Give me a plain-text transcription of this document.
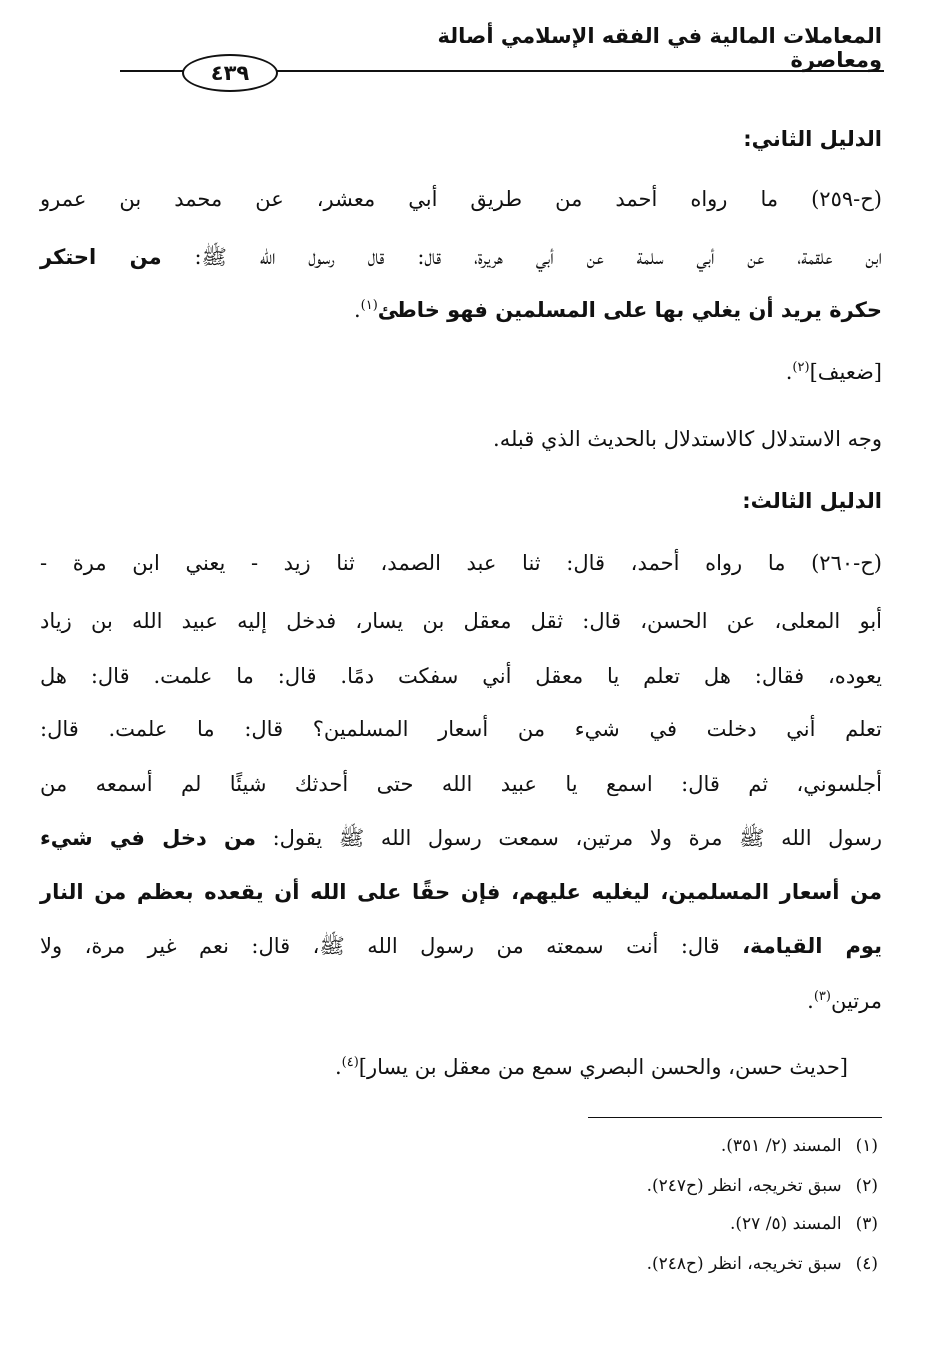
المعاملات المالية في الفقه الإسلامي أصالة ومعاصرة
٤٣٩
الدليل الثاني:
(ح-٢٥٩) ما رواه أحمد من طريق أبي معشر، عن محمد بن عمرو
ابن علقمة، عن أبي سلمة عن أبي هريرة، قال: قال رسول الله ﷺ: من احتكر
حكرة يريد أن يغلي بها على المسلمين فهو خاطئ$^{(١)}$.
[ضعيف]$^{(٢)}$.
وجه الاستدلال كالاستدلال بالحديث الذي قبله.
الدليل الثالث:
(ح-٢٦٠) ما رواه أحمد، قال: ثنا عبد الصمد، ثنا زيد - يعني ابن مرة -
أبو المعلى، عن الحسن، قال: ثقل معقل بن يسار، فدخل إليه عبيد الله بن زياد
يعوده، فقال: هل تعلم يا معقل أني سفكت دمًا. قال: ما علمت. قال: هل
تعلم أني دخلت في شيء من أسعار المسلمين؟ قال: ما علمت. قال:
أجلسوني، ثم قال: اسمع يا عبيد الله حتى أحدثك شيئًا لم أسمعه من
رسول الله ﷺ مرة ولا مرتين، سمعت رسول الله ﷺ يقول: من دخل في شيء
من أسعار المسلمين، ليغليه عليهم، فإن حقًا على الله أن يقعده بعظم من النار
يوم القيامة، قال: أنت سمعته من رسول الله ﷺ، قال: نعم غير مرة، ولا
مرتين$^{(٣)}$.
[حديث حسن، والحسن البصري سمع من معقل بن يسار]$^{(٤)}$.
(١)المسند (٢/ ٣٥١).
(٢)سبق تخريجه، انظر (ح٢٤٧).
(٣)المسند (٥/ ٢٧).
(٤)سبق تخريجه، انظر (ح٢٤٨).
